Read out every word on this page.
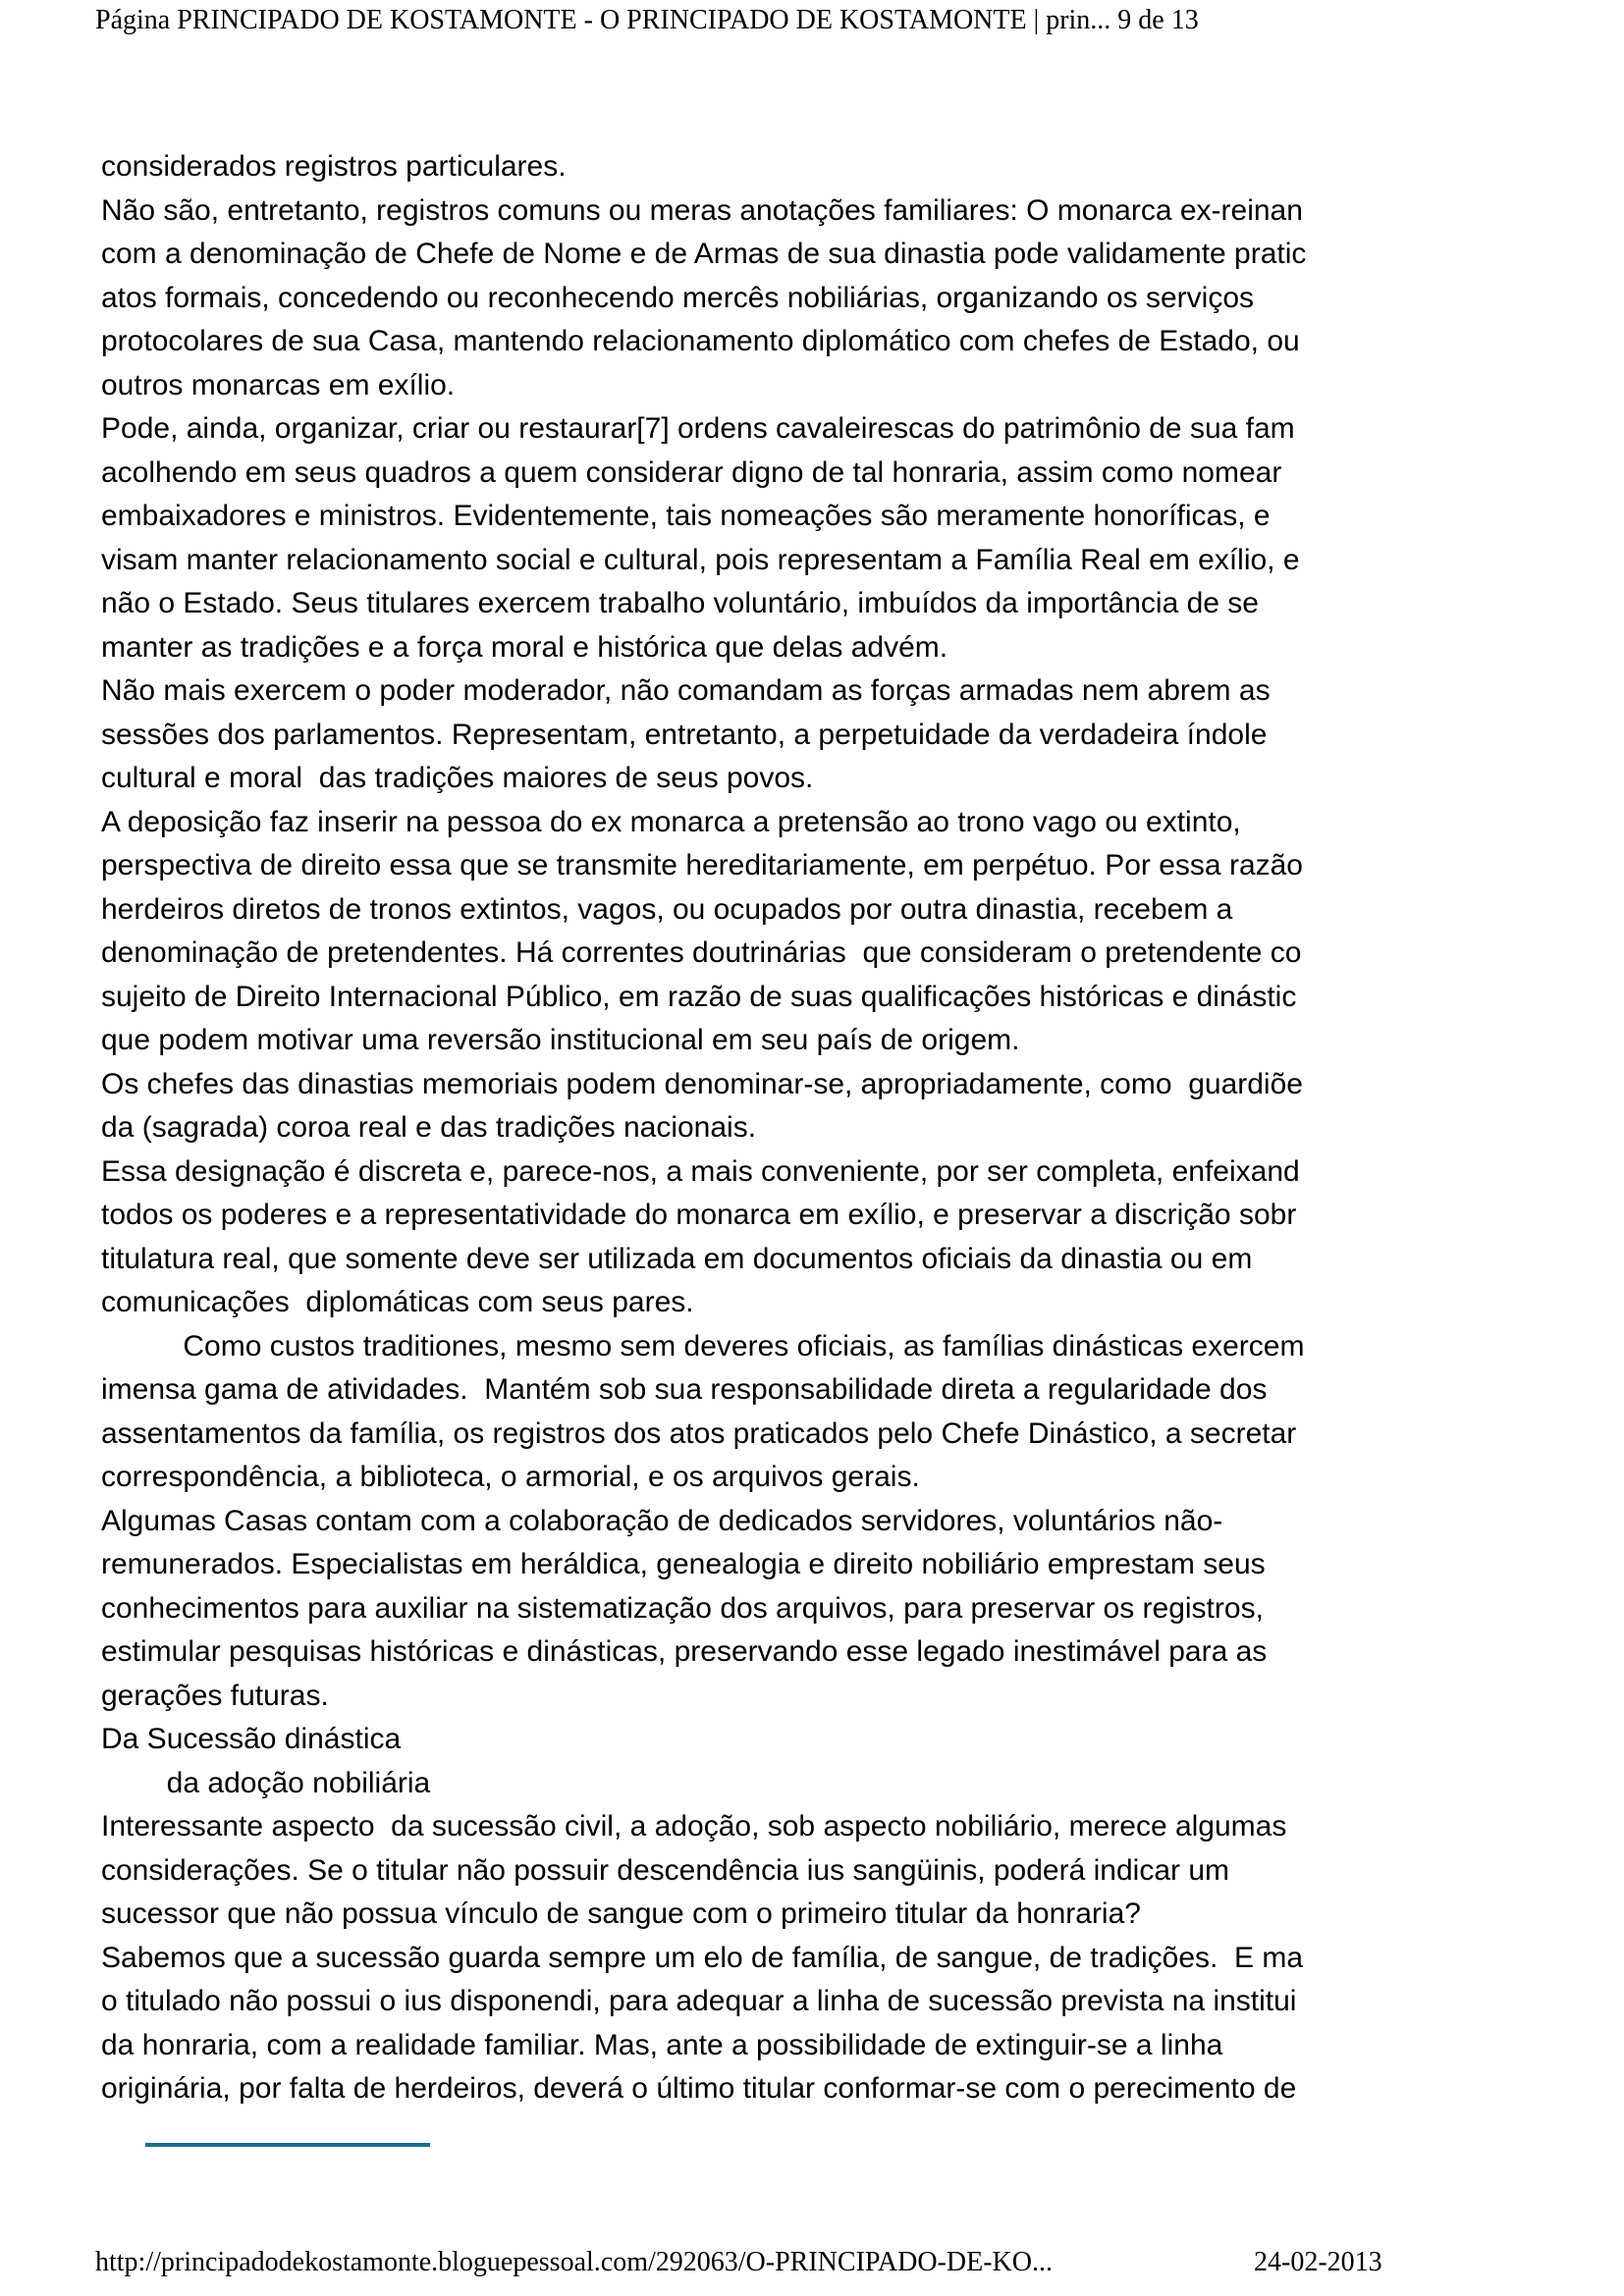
Página PRINCIPADO DE KOSTAMONTE - O PRINCIPADO DE KOSTAMONTE | prin... 9 de 13
considerados registros particulares.
Não são, entretanto, registros comuns ou meras anotações familiares: O monarca ex-reinan
com a denominação de Chefe de Nome e de Armas de sua dinastia pode validamente pratic
atos formais, concedendo ou reconhecendo mercês nobiliárias, organizando os serviços
protocolares de sua Casa, mantendo relacionamento diplomático com chefes de Estado, ou
outros monarcas em exílio.
Pode, ainda, organizar, criar ou restaurar[7] ordens cavaleirescas do patrimônio de sua fam
acolhendo em seus quadros a quem considerar digno de tal honraria, assim como nomear
embaixadores e ministros. Evidentemente, tais nomeações são meramente honoríficas, e
visam manter relacionamento social e cultural, pois representam a Família Real em exílio, e
não o Estado. Seus titulares exercem trabalho voluntário, imbuídos da importância de se
manter as tradições e a força moral e histórica que delas advém.
Não mais exercem o poder moderador, não comandam as forças armadas nem abrem as
sessões dos parlamentos. Representam, entretanto, a perpetuidade da verdadeira índole
cultural e moral  das tradições maiores de seus povos.
A deposição faz inserir na pessoa do ex monarca a pretensão ao trono vago ou extinto,
perspectiva de direito essa que se transmite hereditariamente, em perpétuo. Por essa razão
herdeiros diretos de tronos extintos, vagos, ou ocupados por outra dinastia, recebem a
denominação de pretendentes. Há correntes doutrinárias  que consideram o pretendente co
sujeito de Direito Internacional Público, em razão de suas qualificações históricas e dinástic
que podem motivar uma reversão institucional em seu país de origem.
Os chefes das dinastias memoriais podem denominar-se, apropriadamente, como  guardiõe
da (sagrada) coroa real e das tradições nacionais.
Essa designação é discreta e, parece-nos, a mais conveniente, por ser completa, enfeixand
todos os poderes e a representatividade do monarca em exílio, e preservar a discrição sobr
titulatura real, que somente deve ser utilizada em documentos oficiais da dinastia ou em
comunicações  diplomáticas com seus pares.
Como custos traditiones, mesmo sem deveres oficiais, as famílias dinásticas exercem
imensa gama de atividades.  Mantém sob sua responsabilidade direta a regularidade dos
assentamentos da família, os registros dos atos praticados pelo Chefe Dinástico, a secretar
correspondência, a biblioteca, o armorial, e os arquivos gerais.
Algumas Casas contam com a colaboração de dedicados servidores, voluntários não-
remunerados. Especialistas em heráldica, genealogia e direito nobiliário emprestam seus
conhecimentos para auxiliar na sistematização dos arquivos, para preservar os registros,
estimular pesquisas históricas e dinásticas, preservando esse legado inestimável para as
gerações futuras.
Da Sucessão dinástica
da adoção nobiliária
Interessante aspecto  da sucessão civil, a adoção, sob aspecto nobiliário, merece algumas
considerações. Se o titular não possuir descendência ius sangüinis, poderá indicar um
sucessor que não possua vínculo de sangue com o primeiro titular da honraria?
Sabemos que a sucessão guarda sempre um elo de família, de sangue, de tradições.  E ma
o titulado não possui o ius disponendi, para adequar a linha de sucessão prevista na institui
da honraria, com a realidade familiar. Mas, ante a possibilidade de extinguir-se a linha
originária, por falta de herdeiros, deverá o último titular conformar-se com o perecimento de
http://principadodekostamonte.bloguepessoal.com/292063/O-PRINCIPADO-DE-KO...	24-02-2013
